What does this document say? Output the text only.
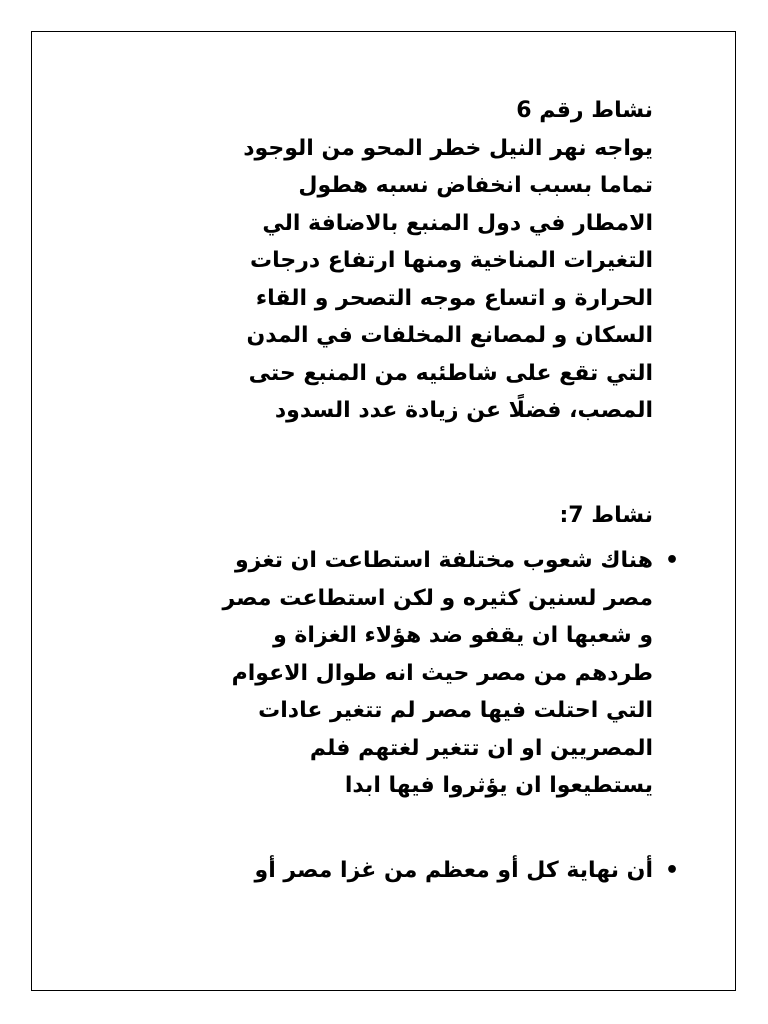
نشاط رقم 6
يواجه نهر النيل خطر المحو من الوجود
تماما بسبب انخفاض نسبه هطول
الامطار في دول المنبع بالاضافة الي
التغيرات المناخية ومنها ارتفاع درجات
الحرارة و اتساع موجه التصحر و القاء
السكان و لمصانع المخلفات في المدن
التي تقع على شاطئيه من المنبع حتى
المصب، فضلًا عن زيادة عدد السدود

نشاط 7:

•
هناك شعوب مختلفة استطاعت ان تغزو
مصر لسنين كثيره و لكن استطاعت مصر
و شعبها ان يقفو ضد هؤلاء الغزاة و
طردهم من مصر حيث انه طوال الاعوام
التي احتلت فيها مصر لم تتغير عادات
المصريين او ان تتغير لغتهم فلم
يستطيعوا ان يؤثروا فيها ابدا
•
أن نهاية كل أو معظم من غزا مصر أو
